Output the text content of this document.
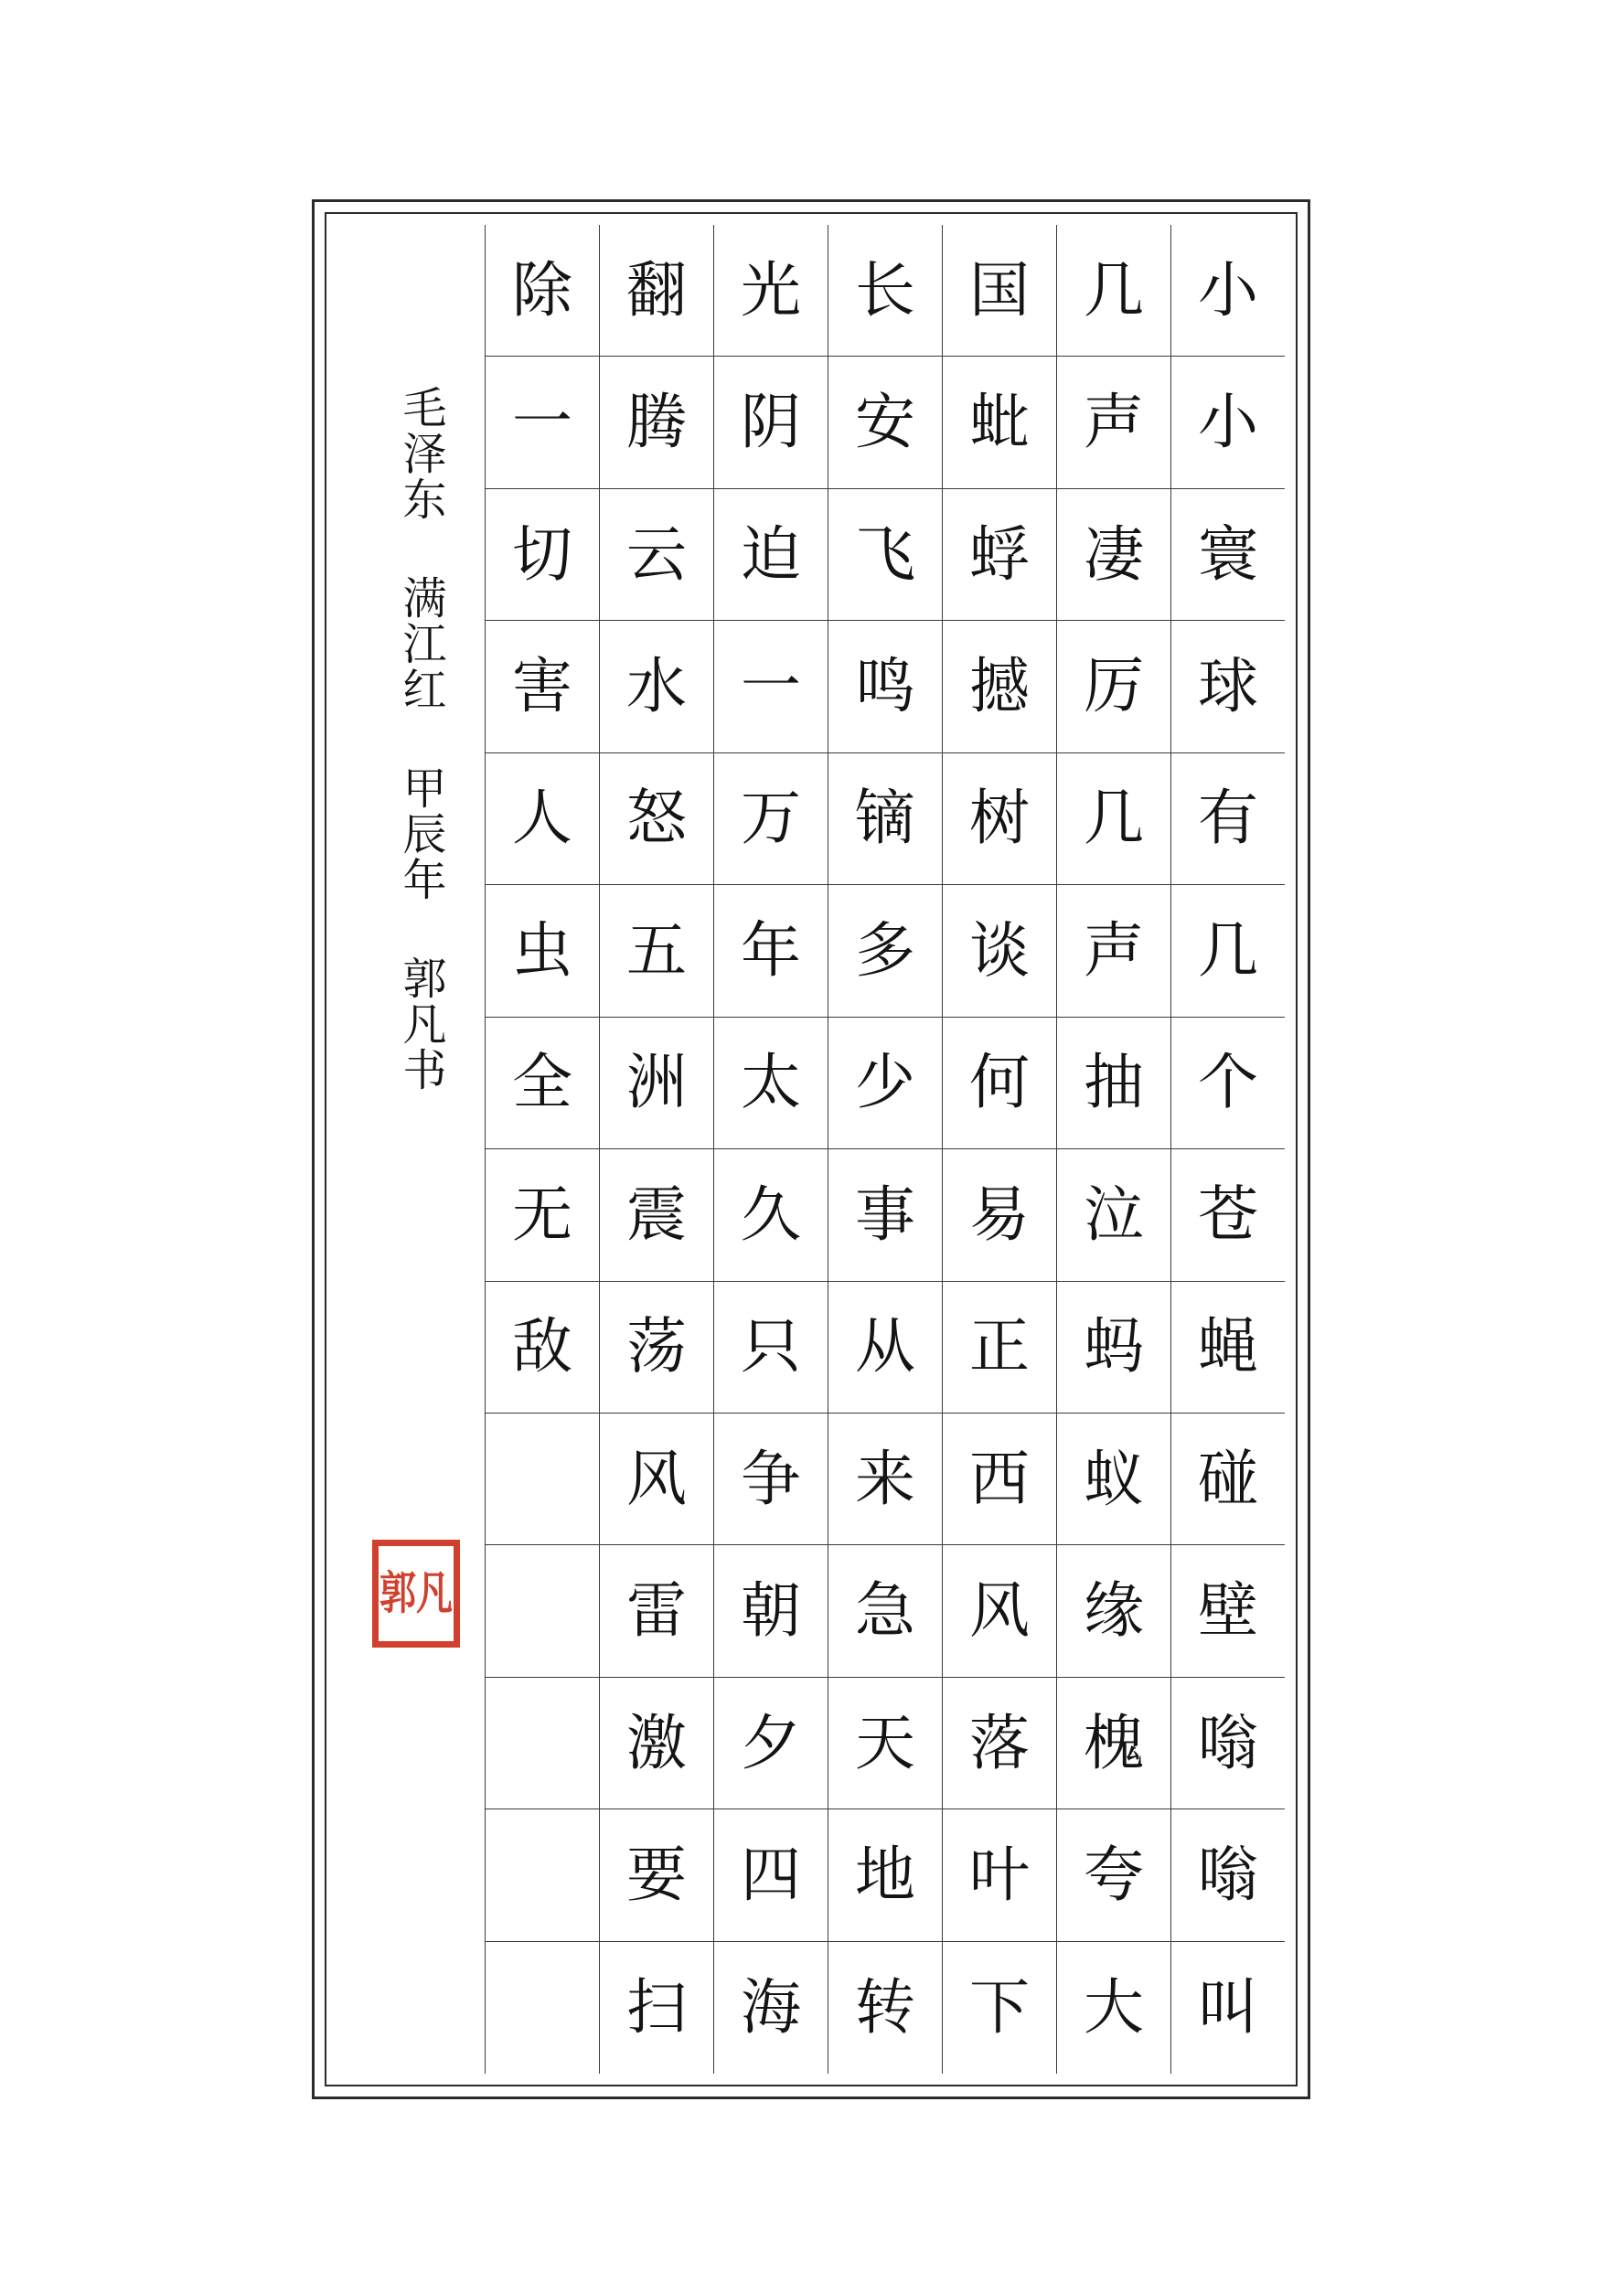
小
小
寰
球
有
几
个
苍
蝇
碰
壁
嗡
嗡
叫
几
声
凄
厉
几
声
抽
泣
蚂
蚁
缘
槐
夸
大
国
蚍
蜉
撼
树
谈
何
易
正
西
风
落
叶
下
长
安
飞
鸣
镝
多
少
事
从
来
急
天
地
转
光
阴
迫
一
万
年
太
久
只
争
朝
夕
四
海
翻
腾
云
水
怒
五
洲
震
荡
风
雷
激
要
扫
除
一
切
害
人
虫
全
无
敌
毛泽东 满江红 甲辰年 郭凡书
郭凡
